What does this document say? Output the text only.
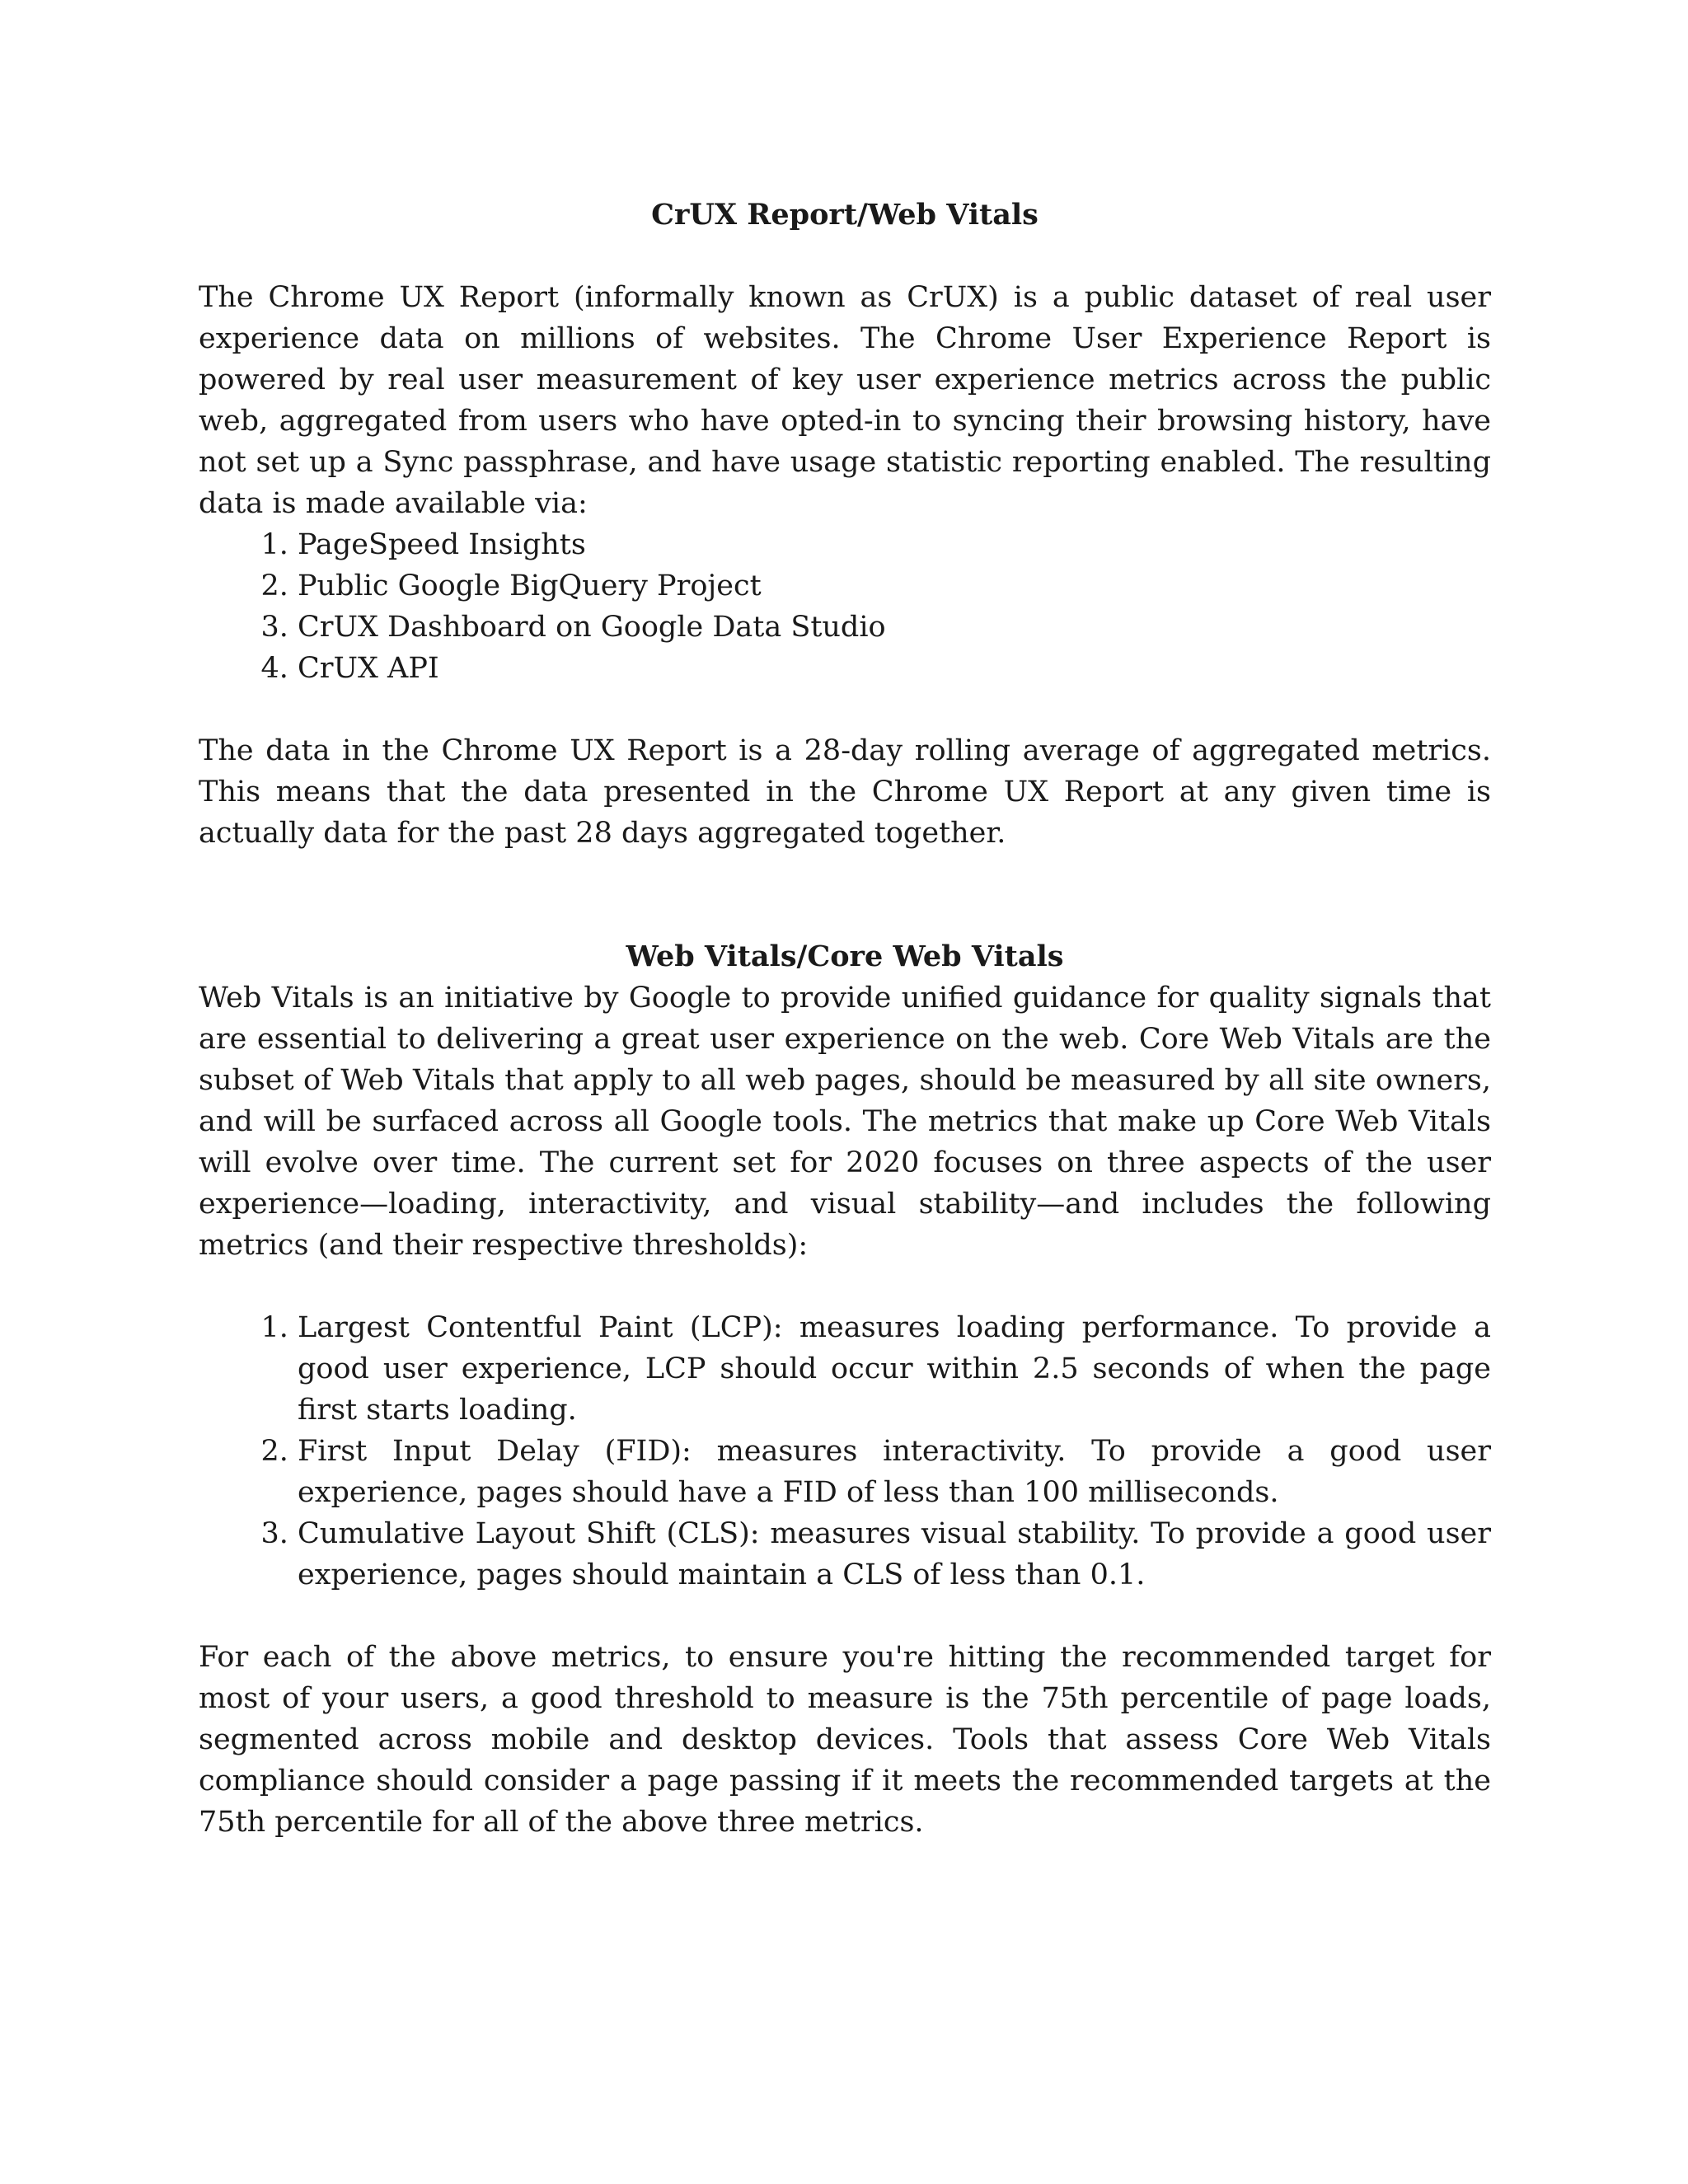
CrUX Report/Web Vitals

The Chrome UX Report (informally known as CrUX) is a public dataset of real user experience data on millions of websites. The Chrome User Experience Report is powered by real user measurement of key user experience metrics across the public web, aggregated from users who have opted-in to syncing their browsing history, have not set up a Sync passphrase, and have usage statistic reporting enabled. The resulting data is made available via:

1. PageSpeed Insights
2. Public Google BigQuery Project
3. CrUX Dashboard on Google Data Studio
4. CrUX API

The data in the Chrome UX Report is a 28-day rolling average of aggregated metrics. This means that the data presented in the Chrome UX Report at any given time is actually data for the past 28 days aggregated together.

Web Vitals/Core Web Vitals

Web Vitals is an initiative by Google to provide unified guidance for quality signals that are essential to delivering a great user experience on the web. Core Web Vitals are the subset of Web Vitals that apply to all web pages, should be measured by all site owners, and will be surfaced across all Google tools. The metrics that make up Core Web Vitals will evolve over time. The current set for 2020 focuses on three aspects of the user experience—loading, interactivity, and visual stability—and includes the following metrics (and their respective thresholds):

1. Largest Contentful Paint (LCP): measures loading performance. To provide a good user experience, LCP should occur within 2.5 seconds of when the page first starts loading.
2. First Input Delay (FID): measures interactivity. To provide a good user experience, pages should have a FID of less than 100 milliseconds.
3. Cumulative Layout Shift (CLS): measures visual stability. To provide a good user experience, pages should maintain a CLS of less than 0.1.

For each of the above metrics, to ensure you're hitting the recommended target for most of your users, a good threshold to measure is the 75th percentile of page loads, segmented across mobile and desktop devices. Tools that assess Core Web Vitals compliance should consider a page passing if it meets the recommended targets at the 75th percentile for all of the above three metrics.
